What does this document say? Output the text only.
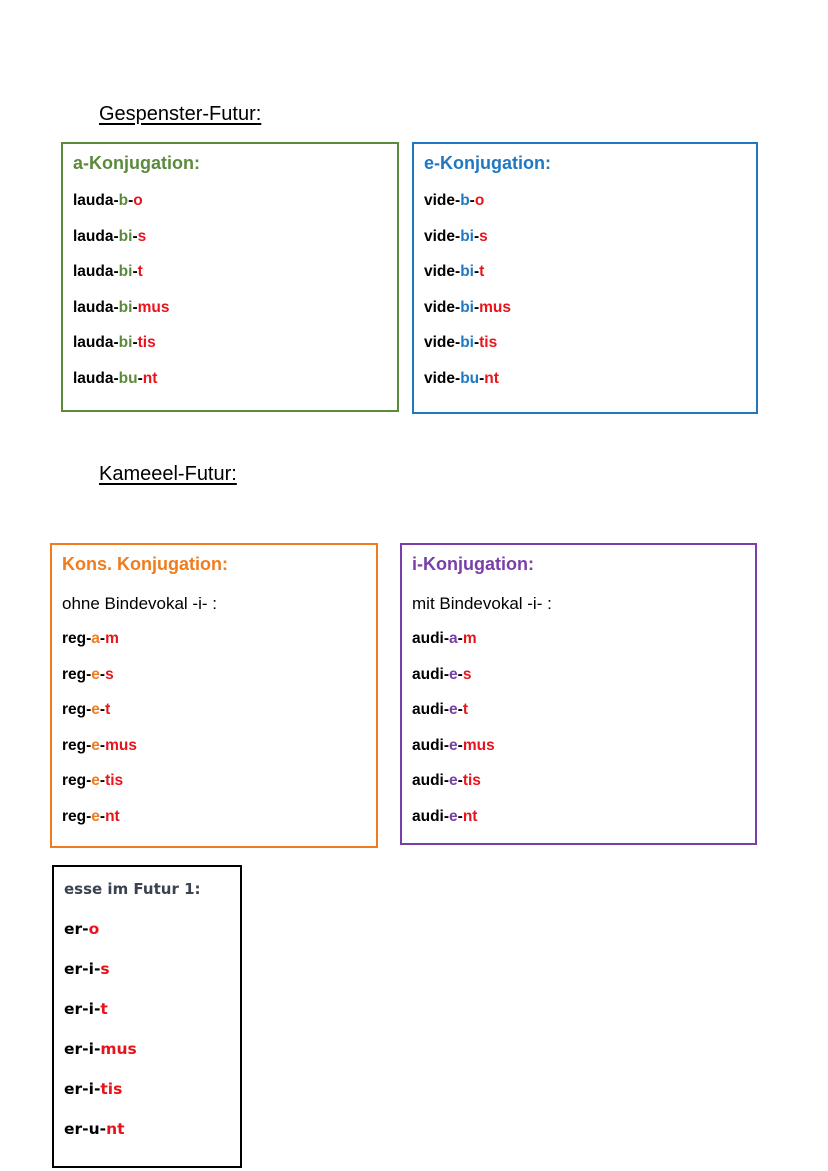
Gespenster-Futur:
Kameeel-Futur:
a-Konjugation:
lauda-b-o
lauda-bi-s
lauda-bi-t
lauda-bi-mus
lauda-bi-tis
lauda-bu-nt
e-Konjugation:
vide-b-o
vide-bi-s
vide-bi-t
vide-bi-mus
vide-bi-tis
vide-bu-nt
Kons. Konjugation:
ohne Bindevokal -i- :
reg-a-m
reg-e-s
reg-e-t
reg-e-mus
reg-e-tis
reg-e-nt
i-Konjugation:
mit Bindevokal -i- :
audi-a-m
audi-e-s
audi-e-t
audi-e-mus
audi-e-tis
audi-e-nt
esse im Futur 1:
er-o
er-i-s
er-i-t
er-i-mus
er-i-tis
er-u-nt
